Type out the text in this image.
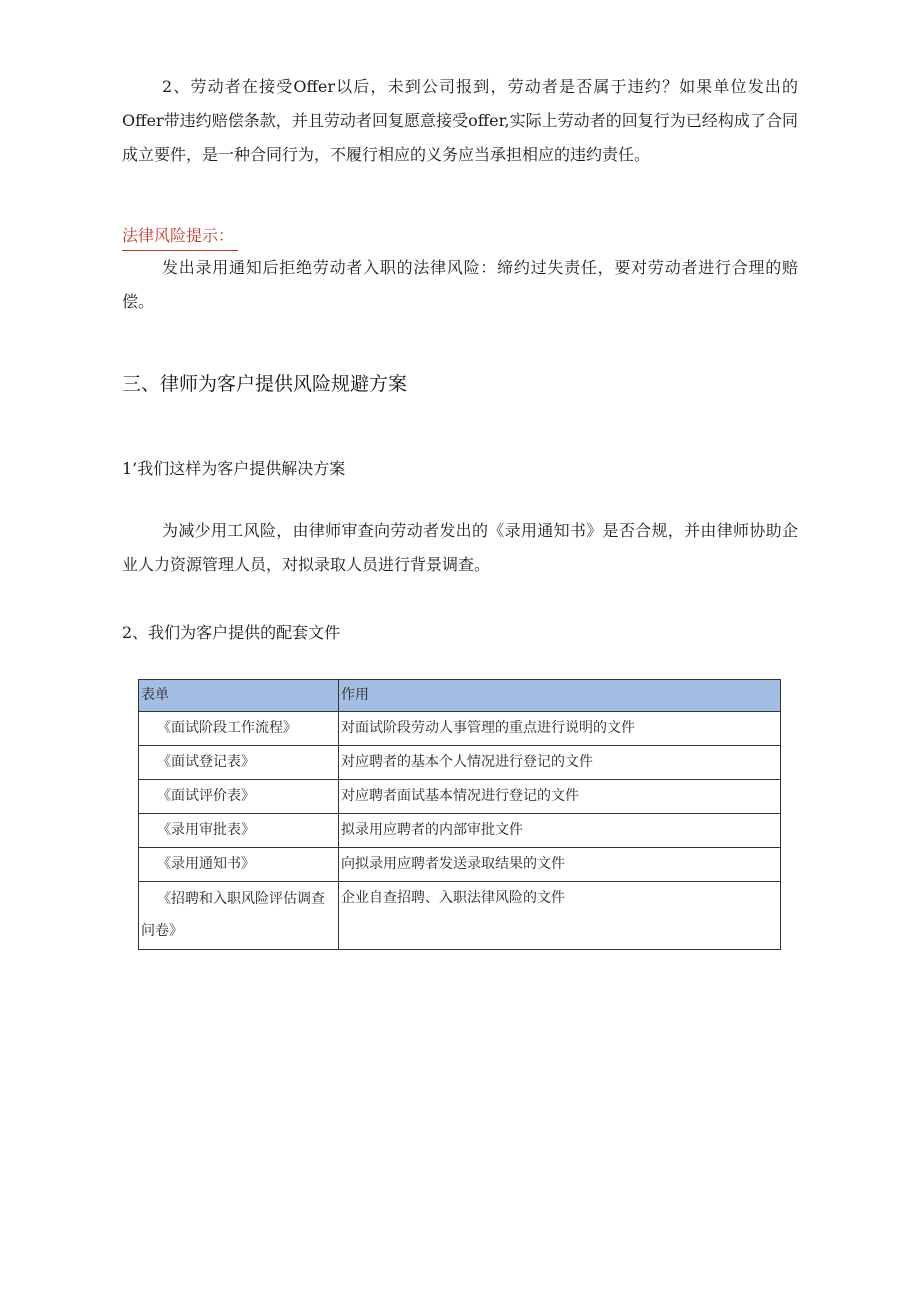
2、劳动者在接受Offer以后，未到公司报到，劳动者是否属于违约？如果单位发出的Offer带违约赔偿条款，并且劳动者回复愿意接受offer,实际上劳动者的回复行为已经构成了合同成立要件，是一种合同行为，不履行相应的义务应当承担相应的违约责任。

法律风险提示：

发出录用通知后拒绝劳动者入职的法律风险：缔约过失责任，要对劳动者进行合理的赔偿。

三、律师为客户提供风险规避方案
1’我们这样为客户提供解决方案

为减少用工风险，由律师审查向劳动者发出的《录用通知书》是否合规，并由律师协助企业人力资源管理人员，对拟录取人员进行背景调查。

2、我们为客户提供的配套文件
表单	作用
《面试阶段工作流程》	对面试阶段劳动人事管理的重点进行说明的文件
《面试登记表》	对应聘者的基本个人情况进行登记的文件
《面试评价表》	对应聘者面试基本情况进行登记的文件
《录用审批表》	拟录用应聘者的内部审批文件
《录用通知书》	向拟录用应聘者发送录取结果的文件
《招聘和入职风险评估调查问卷》	企业自查招聘、入职法律风险的文件
